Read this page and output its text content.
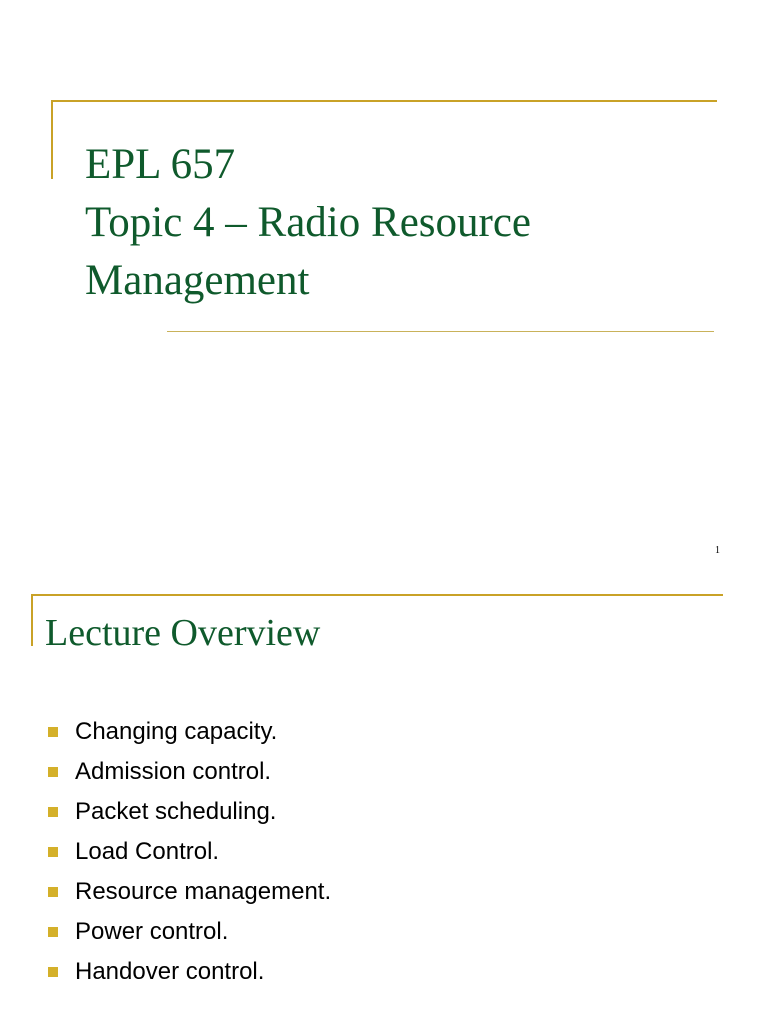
EPL 657
Topic 4 – Radio Resource
Management
1
Lecture Overview
Changing capacity.
Admission control.
Packet scheduling.
Load Control.
Resource management.
Power control.
Handover control.
